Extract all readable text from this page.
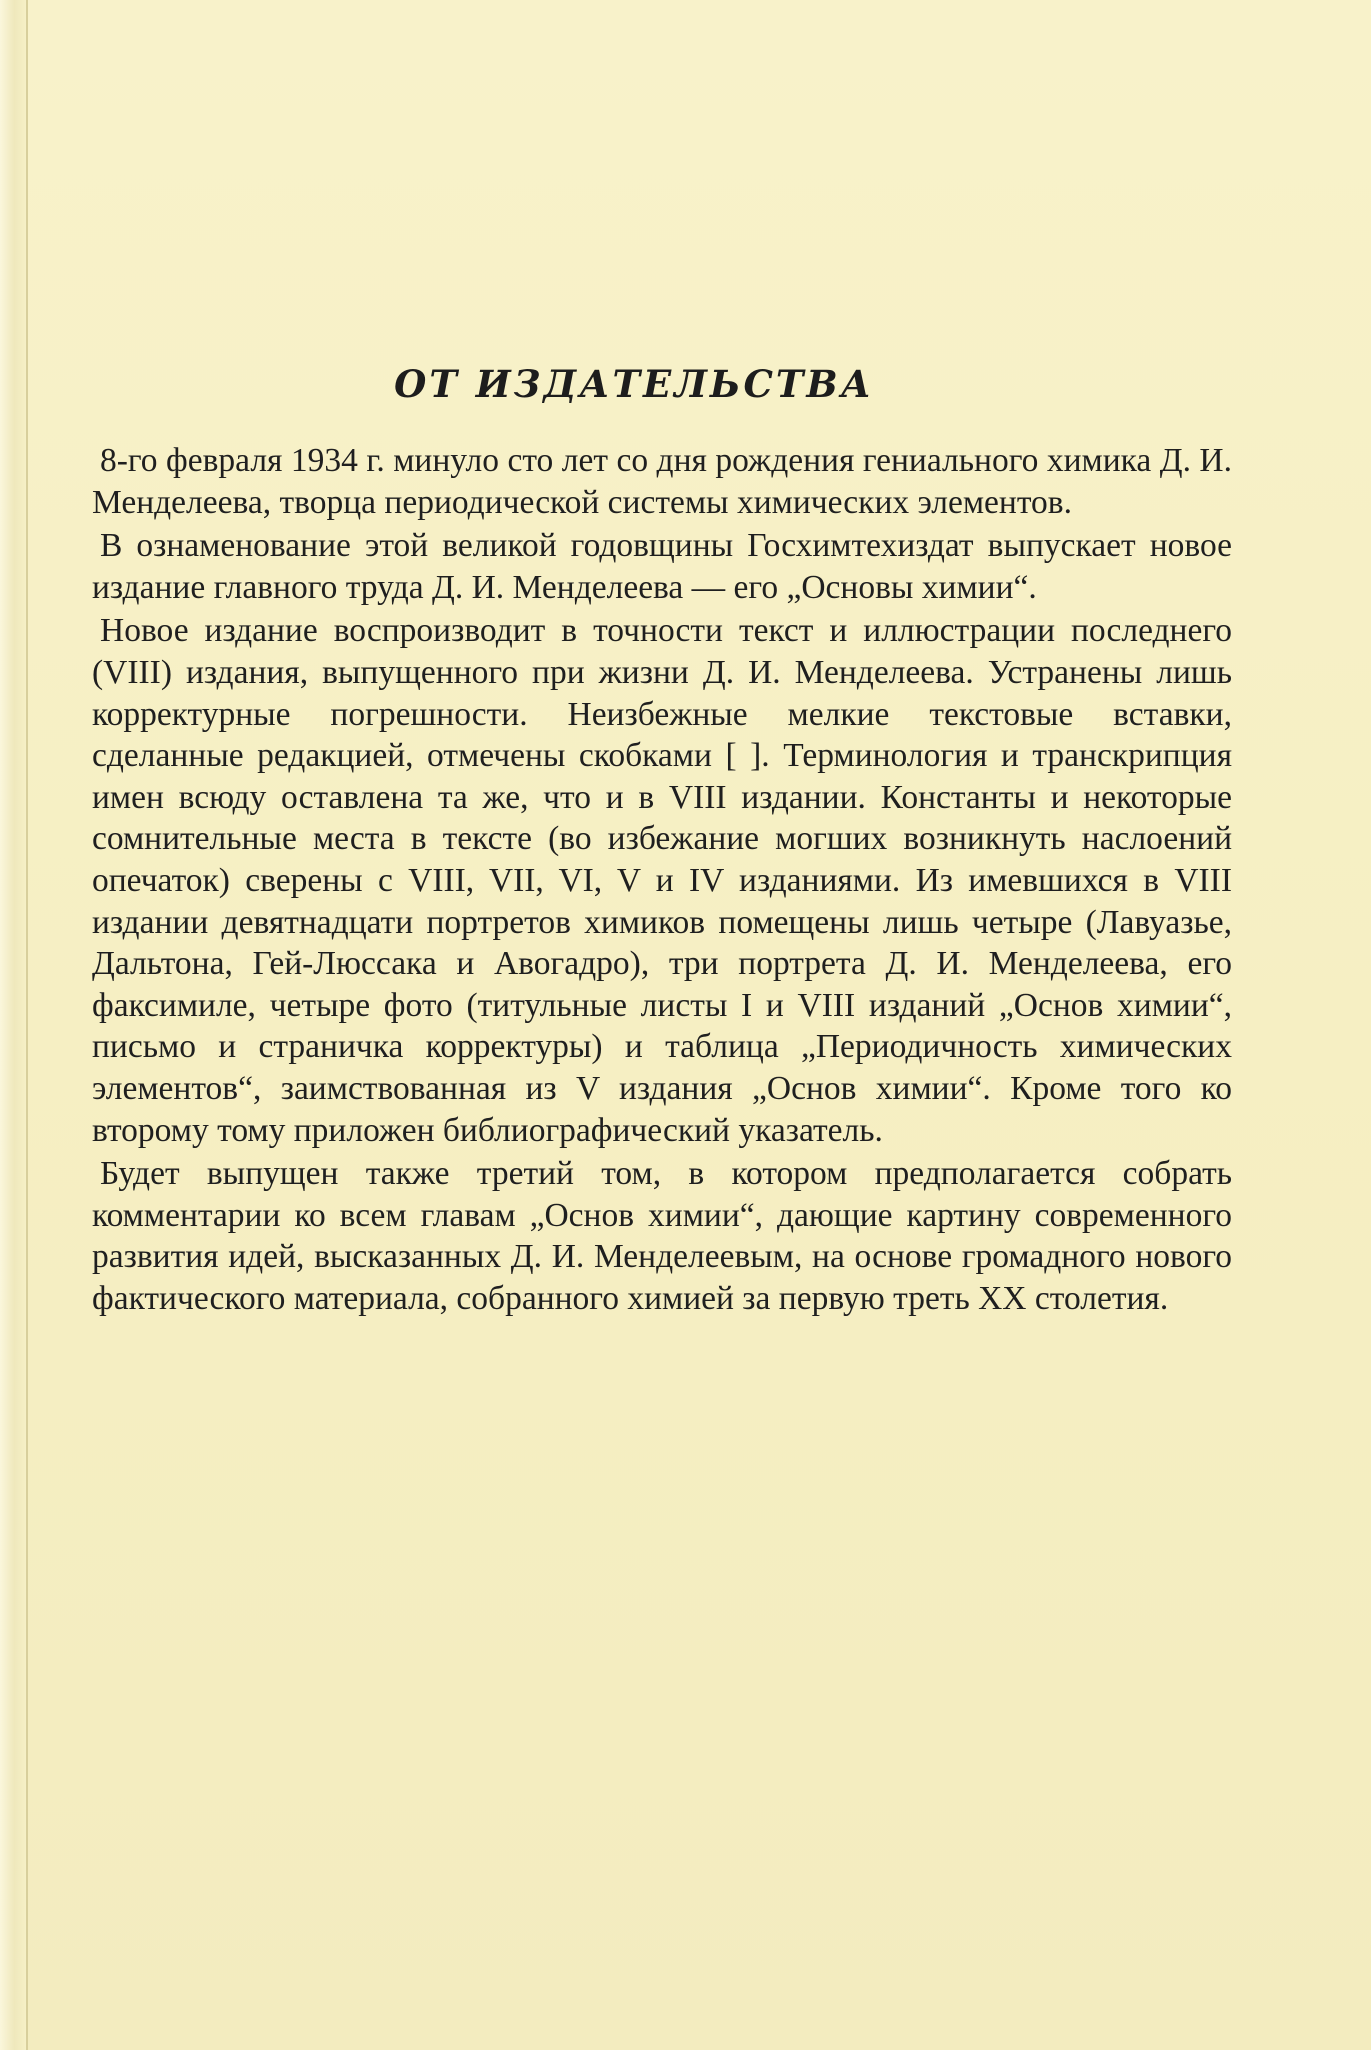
ОТ ИЗДАТЕЛЬСТВА

8-го февраля 1934 г. минуло сто лет со дня рождения гениального химика Д. И. Менделеева, творца периодической системы химических элементов.

В ознаменование этой великой годовщины Госхимтехиздат выпускает новое издание главного труда Д. И. Менделеева — его „Основы химии“.

Новое издание воспроизводит в точности текст и иллюстрации последнего (VIII) издания, выпущенного при жизни Д. И. Менделеева. Устранены лишь корректурные погрешности. Неизбежные мелкие текстовые вставки, сделанные редакцией, отмечены скобками [ ]. Терминология и транскрипция имен всюду оставлена та же, что и в VIII издании. Константы и некоторые сомнительные места в тексте (во избежание могших возникнуть наслоений опечаток) сверены с VIII, VII, VI, V и IV изданиями. Из имевшихся в VIII издании девятнадцати портретов химиков помещены лишь четыре (Лавуазье, Дальтона, Гей-Люссака и Авогадро), три портрета Д. И. Менделеева, его факсимиле, четыре фото (титульные листы I и VIII изданий „Основ химии“, письмо и страничка корректуры) и таблица „Периодичность химических элементов“, заимствованная из V издания „Основ химии“. Кроме того ко второму тому приложен библиографический указатель.

Будет выпущен также третий том, в котором предполагается собрать комментарии ко всем главам „Основ химии“, дающие картину современного развития идей, высказанных Д. И. Менделеевым, на основе громадного нового фактического материала, собранного химией за первую треть XX столетия.
